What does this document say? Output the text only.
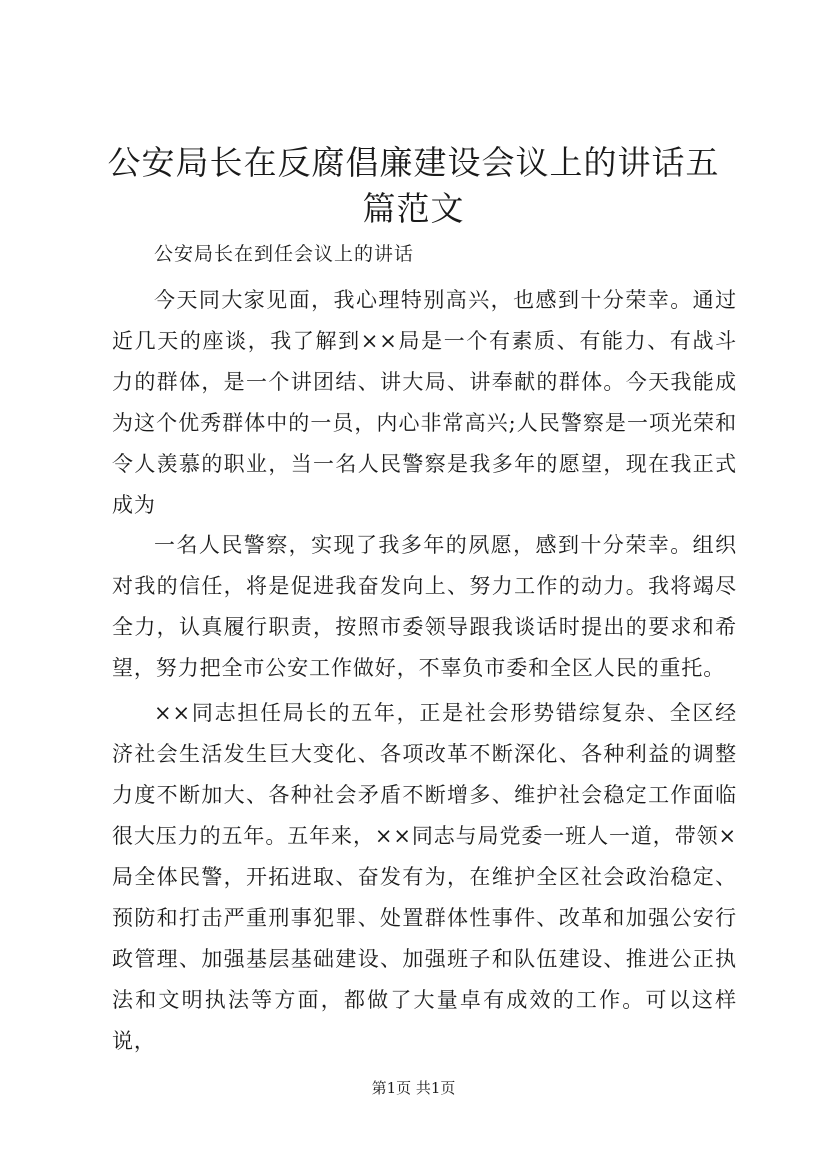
公安局长在反腐倡廉建设会议上的讲话五篇范文

公安局长在到任会议上的讲话

今天同大家见面，我心理特别高兴，也感到十分荣幸。通过近几天的座谈，我了解到××局是一个有素质、有能力、有战斗力的群体，是一个讲团结、讲大局、讲奉献的群体。今天我能成为这个优秀群体中的一员，内心非常高兴;人民警察是一项光荣和令人羡慕的职业，当一名人民警察是我多年的愿望，现在我正式成为

一名人民警察，实现了我多年的夙愿，感到十分荣幸。组织对我的信任，将是促进我奋发向上、努力工作的动力。我将竭尽全力，认真履行职责，按照市委领导跟我谈话时提出的要求和希望，努力把全市公安工作做好，不辜负市委和全区人民的重托。

××同志担任局长的五年，正是社会形势错综复杂、全区经济社会生活发生巨大变化、各项改革不断深化、各种利益的调整力度不断加大、各种社会矛盾不断增多、维护社会稳定工作面临很大压力的五年。五年来，××同志与局党委一班人一道，带领×局全体民警，开拓进取、奋发有为，在维护全区社会政治稳定、预防和打击严重刑事犯罪、处置群体性事件、改革和加强公安行政管理、加强基层基础建设、加强班子和队伍建设、推进公正执法和文明执法等方面，都做了大量卓有成效的工作。可以这样说，

第1页 共1页
